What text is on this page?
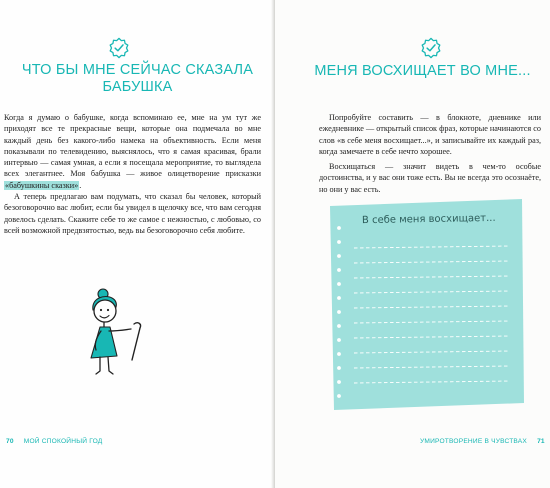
ЧТО БЫ МНЕ СЕЙЧАС СКАЗАЛА
БАБУШКА

Когда я думаю о бабушке, когда вспоминаю ее, мне на ум тут же приходят все те прекрасные вещи, которые она подмечала во мне каждый день без какого-либо намека на объективность. Если меня показывали по телевидению, выяснялось, что я самая красивая, брали интервью — самая умная, а если я посещала мероприятие, то выглядела всех элегантнее. Моя бабушка — живое олицетворение присказки «бабушкины сказки».

А теперь предлагаю вам подумать, что сказал бы человек, который безоговорочно вас любит, если бы увидел в щелочку все, что вам сегодня довелось сделать. Скажите себе то же самое с нежностью, с любовью, со всей возможной предвзятостью, ведь вы безоговорочно себя любите.

70 МОЙ СПОКОЙНЫЙ ГОД
МЕНЯ ВОСХИЩАЕТ ВО МНЕ...

Попробуйте составить — в блокноте, дневнике или ежедневнике — открытый список фраз, которые начинаются со слов «в себе меня восхищает...», и записывайте их каждый раз, когда замечаете в себе нечто хорошее.

Восхищаться — значит видеть в чем-то особые достоинства, и у вас они тоже есть. Вы не всегда это осознаёте, но они у вас есть.

В себе меня восхищает...
УМИРОТВОРЕНИЕ В ЧУВСТВАХ 71
